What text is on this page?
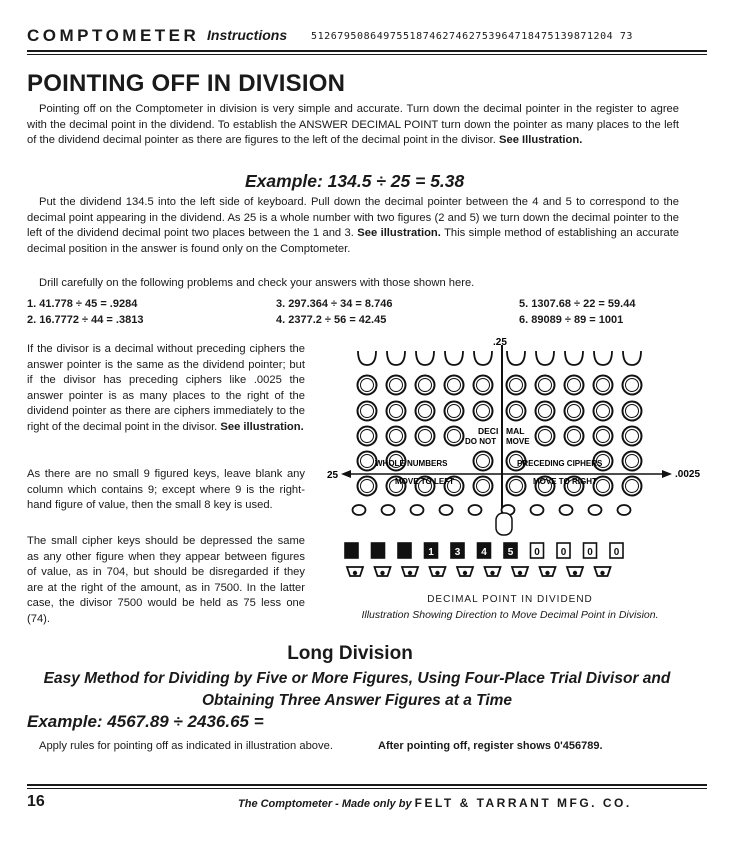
COMPTOMETER Instructions 5126795086497551874627462753964718475139871204 73
POINTING OFF IN DIVISION

Pointing off on the Comptometer in division is very simple and accurate. Turn down the decimal pointer in the register to agree with the decimal point in the dividend. To establish the ANSWER DECIMAL POINT turn down the pointer as many places to the left of the dividend decimal pointer as there are figures to the left of the decimal point in the divisor. See Illustration.

Example: 134.5 ÷ 25 = 5.38

Put the dividend 134.5 into the left side of keyboard. Pull down the decimal pointer between the 4 and 5 to correspond to the decimal point appearing in the dividend. As 25 is a whole number with two figures (2 and 5) we turn down the decimal pointer to the left of the dividend decimal point two places between the 1 and 3. See illustration. This simple method of establishing an accurate decimal position in the answer is found only on the Comptometer.

Drill carefully on the following problems and check your answers with those shown here.

1. 41.778 ÷ 45 = .9284
2. 16.7772 ÷ 44 = .3813
3. 297.364 ÷ 34 = 8.746
4. 2377.2 ÷ 56 = 42.45
5. 1307.68 ÷ 22 = 59.44
6. 89089 ÷ 89 = 1001

If the divisor is a decimal without preceding ciphers the answer pointer is the same as the dividend pointer; but if the divisor has preceding ciphers like .0025 the answer pointer is as many places to the right of the dividend pointer as there are ciphers immediately to the right of the decimal point in the divisor. See illustration.

As there are no small 9 figured keys, leave blank any column which contains 9; except where 9 is the right-hand figure of value, then the small 8 key is used.

The small cipher keys should be depressed the same as any other figure when they appear between figures of value, as in 704, but should be disregarded if they are at the right of the amount, as in 7500. In the latter case, the divisor 7500 would be held as 75 less one (74).

.25
DECI MAL
DO NOT MOVE
WHOLE NUMBERS	PRECEDING CIPHERS
25	.0025
MOVE TO LEFT	MOVE TO RIGHT
1 3 4 5 0 0 0 0
DECIMAL POINT IN DIVIDEND
Illustration Showing Direction to Move Decimal Point in Division.
Long Division
Easy Method for Dividing by Five or More Figures, Using Four-Place Trial Divisor and Obtaining Three Answer Figures at a Time
Example: 4567.89 ÷ 2436.65 =

Apply rules for pointing off as indicated in illustration above.	After pointing off, register shows 0'456789.
16	The Comptometer - Made only by FELT & TARRANT MFG. CO.
